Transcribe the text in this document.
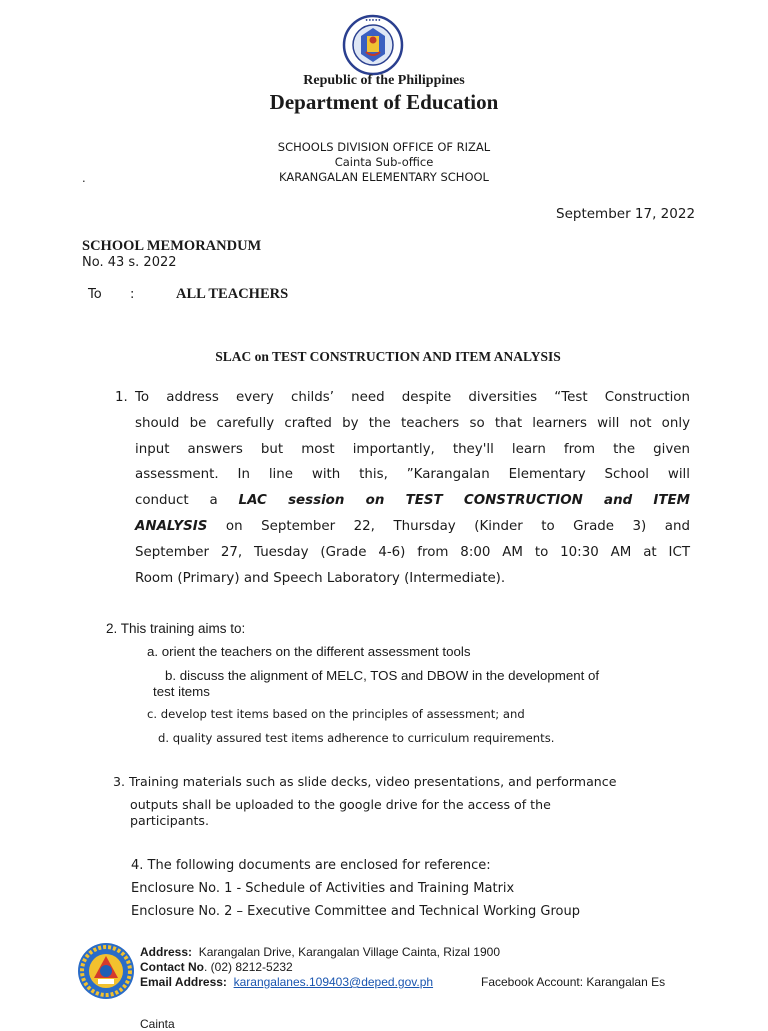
•••••
Republic of the Philippines
Department of Education
SCHOOLS DIVISION OFFICE OF RIZAL
Cainta Sub-office
KARANGALAN ELEMENTARY SCHOOL
.
September 17, 2022
SCHOOL MEMORANDUM
No. 43 s. 2022
To :	ALL TEACHERS
SLAC on TEST CONSTRUCTION AND ITEM ANALYSIS
1. To address every childs’ need despite diversities “Test Construction
should be carefully crafted by the teachers so that learners will not only
input answers but most importantly, they'll learn from the given
assessment. In line with this, ”Karangalan Elementary School will
conduct a LAC session on TEST CONSTRUCTION and ITEM
ANALYSIS on September 22, Thursday (Kinder to Grade 3) and
September 27, Tuesday (Grade 4-6) from 8:00 AM to 10:30 AM at ICT
Room (Primary) and Speech Laboratory (Intermediate).
2. This training aims to:
a. orient the teachers on the different assessment tools
b. discuss the alignment of MELC, TOS and DBOW in the development of
test items
c. develop test items based on the principles of assessment; and
d. quality assured test items adherence to curriculum requirements.
3. Training materials such as slide decks, video presentations, and performance
outputs shall be uploaded to the google drive for the access of the
participants.
4. The following documents are enclosed for reference:
Enclosure No. 1 - Schedule of Activities and Training Matrix
Enclosure No. 2 – Executive Committee and Technical Working Group
Address: Karangalan Drive, Karangalan Village Cainta, Rizal 1900
Contact No. (02) 8212-5232
Email Address: karangalanes.109403@deped.gov.ph	Facebook Account: Karangalan Es
Cainta
